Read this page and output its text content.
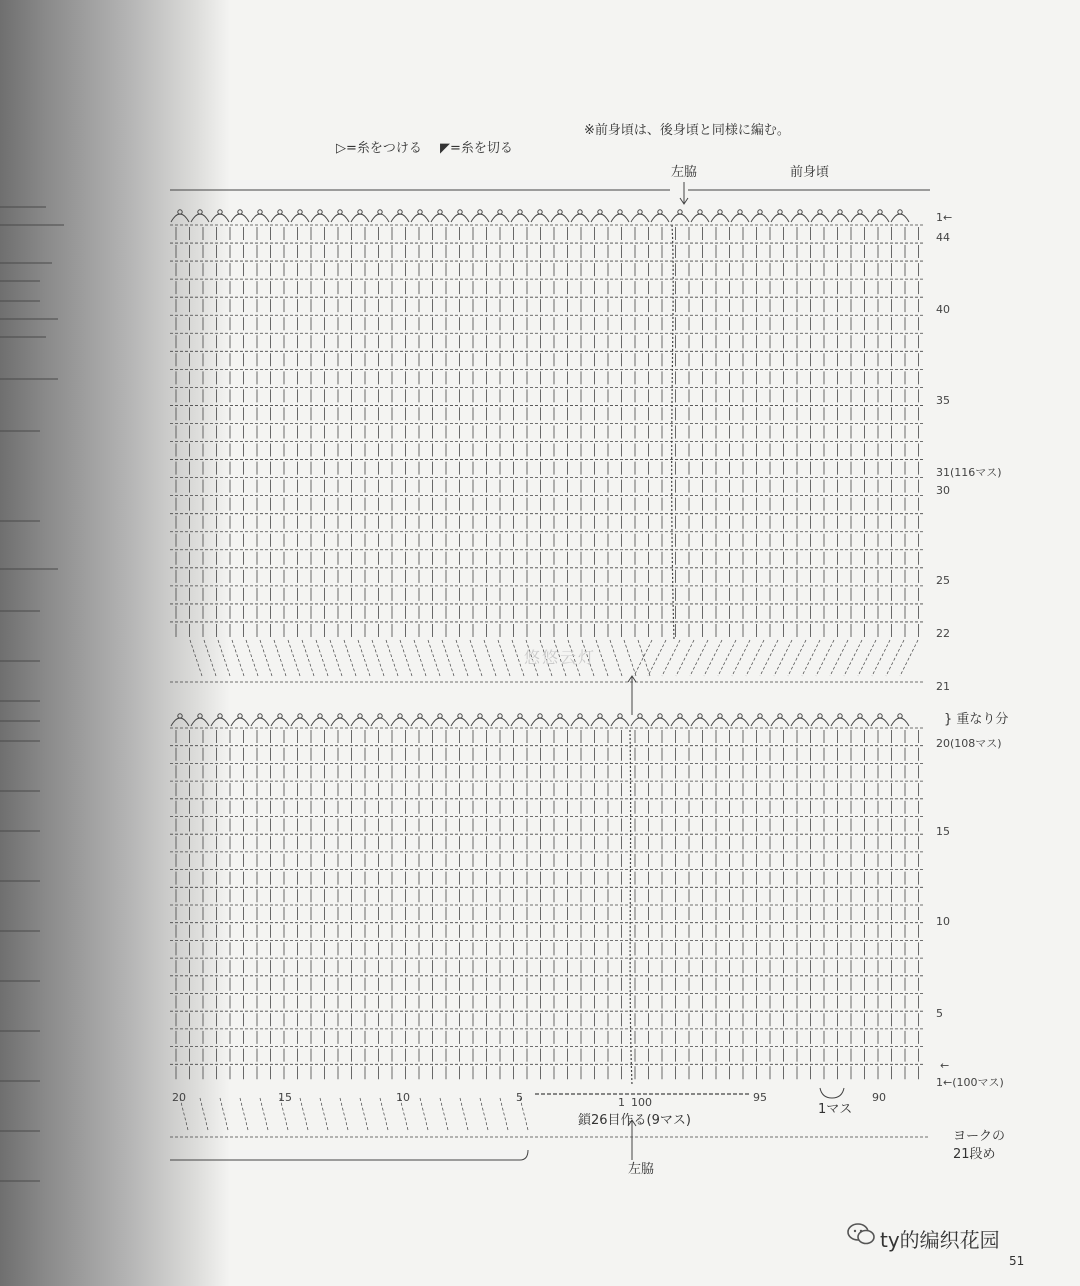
※前身頃は、後身頃と同様に編む。
▷=糸をつける ◤=糸を切る
左脇	前身頃
1←
44
40
35
31(116マス)
30
25
22
21
} 重なり分
20(108マス)
15
10
5
←
1←(100マス)
20	15	10	5	1 100	95	90
鎖26目作る(9マス)
1マス
左脇
ヨークの
21段め
悠悠云灯
ty的编织花园
51
